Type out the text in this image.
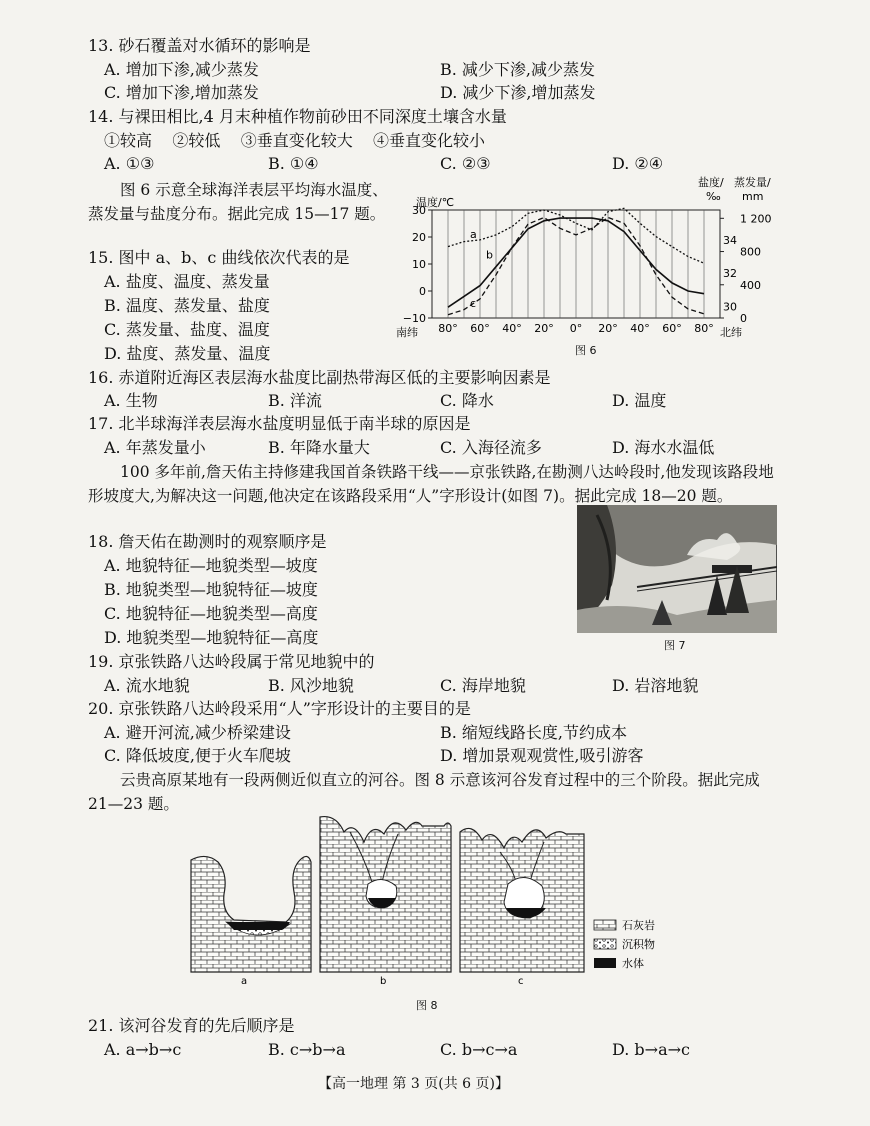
13. 砂石覆盖对水循环的影响是
A. 增加下渗,减少蒸发	B. 减少下渗,减少蒸发
C. 增加下渗,增加蒸发	D. 减少下渗,增加蒸发
14. 与裸田相比,4 月末种植作物前砂田不同深度土壤含水量
①较高    ②较低    ③垂直变化较大    ④垂直变化较小
A. ①③	B. ①④	C. ②③	D. ②④
图 6 示意全球海洋表层平均海水温度、蒸发量与盐度分布。据此完成 15—17 题。
温度/℃
盐度/ 蒸发量/
‰ mm
30
20
10
0
−10
34
32
30
1 200
800
400
0
80° 60° 40° 20° 0° 20° 40° 60° 80°
a
b
c
南纬	北纬
图 6
15. 图中 a、b、c 曲线依次代表的是
A. 盐度、温度、蒸发量
B. 温度、蒸发量、盐度
C. 蒸发量、盐度、温度
D. 盐度、蒸发量、温度
16. 赤道附近海区表层海水盐度比副热带海区低的主要影响因素是
A. 生物	B. 洋流	C. 降水	D. 温度
17. 北半球海洋表层海水盐度明显低于南半球的原因是
A. 年蒸发量小	B. 年降水量大	C. 入海径流多	D. 海水水温低
100 多年前,詹天佑主持修建我国首条铁路干线——京张铁路,在勘测八达岭段时,他发现该路段地形坡度大,为解决这一问题,他决定在该路段采用“人”字形设计(如图 7)。据此完成 18—20 题。
18. 詹天佑在勘测时的观察顺序是
A. 地貌特征—地貌类型—坡度
B. 地貌类型—地貌特征—坡度
C. 地貌特征—地貌类型—高度
D. 地貌类型—地貌特征—高度	图 7
19. 京张铁路八达岭段属于常见地貌中的
A. 流水地貌	B. 风沙地貌	C. 海岸地貌	D. 岩溶地貌
20. 京张铁路八达岭段采用“人”字形设计的主要目的是
A. 避开河流,减少桥梁建设	B. 缩短线路长度,节约成本
C. 降低坡度,便于火车爬坡	D. 增加景观观赏性,吸引游客
云贵高原某地有一段两侧近似直立的河谷。图 8 示意该河谷发育过程中的三个阶段。据此完成 21—23 题。
a	b	c
石灰岩
沉积物
水体
图 8
21. 该河谷发育的先后顺序是
A. a→b→c	B. c→b→a	C. b→c→a	D. b→a→c
【高一地理 第 3 页(共 6 页)】
